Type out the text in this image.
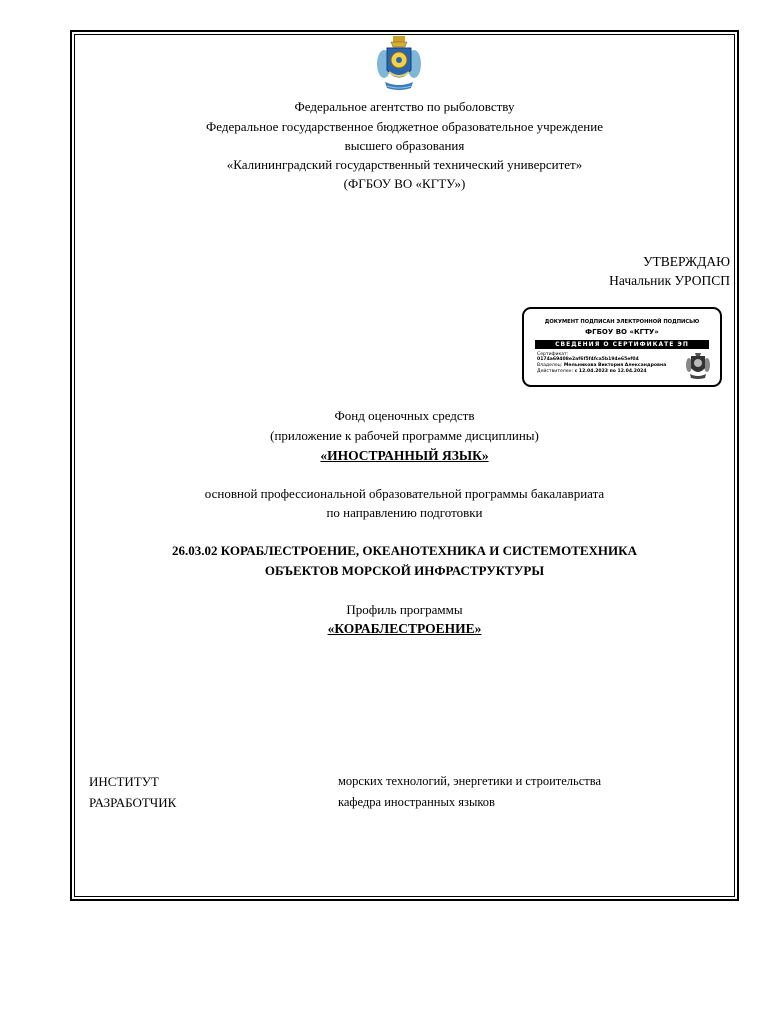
Федеральное агентство по рыболовству
Федеральное государственное бюджетное образовательное учреждение
высшего образования
«Калининградский государственный технический университет»
(ФГБОУ ВО «КГТУ»)
УТВЕРЖДАЮ
Начальник УРОПСП
ДОКУМЕНТ ПОДПИСАН ЭЛЕКТРОННОЙ ПОДПИСЬЮ
ФГБОУ ВО «КГТУ»
СВЕДЕНИЯ О СЕРТИФИКАТЕ ЭП
Сертификат:
0174a69408e2af6f5f4fca5b194e65ef04
Владелец: Мельникова Виктория Александровна
Действителен: с 12.04.2023 по 12.04.2024
Фонд оценочных средств
(приложение к рабочей программе дисциплины)
«ИНОСТРАННЫЙ ЯЗЫК»
основной профессиональной образовательной программы бакалавриата
по направлению подготовки
26.03.02 КОРАБЛЕСТРОЕНИЕ, ОКЕАНОТЕХНИКА И СИСТЕМОТЕХНИКА
ОБЪЕКТОВ МОРСКОЙ ИНФРАСТРУКТУРЫ
Профиль программы
«КОРАБЛЕСТРОЕНИЕ»
ИНСТИТУТ	морских технологий, энергетики и строительства
РАЗРАБОТЧИК	кафедра иностранных языков
